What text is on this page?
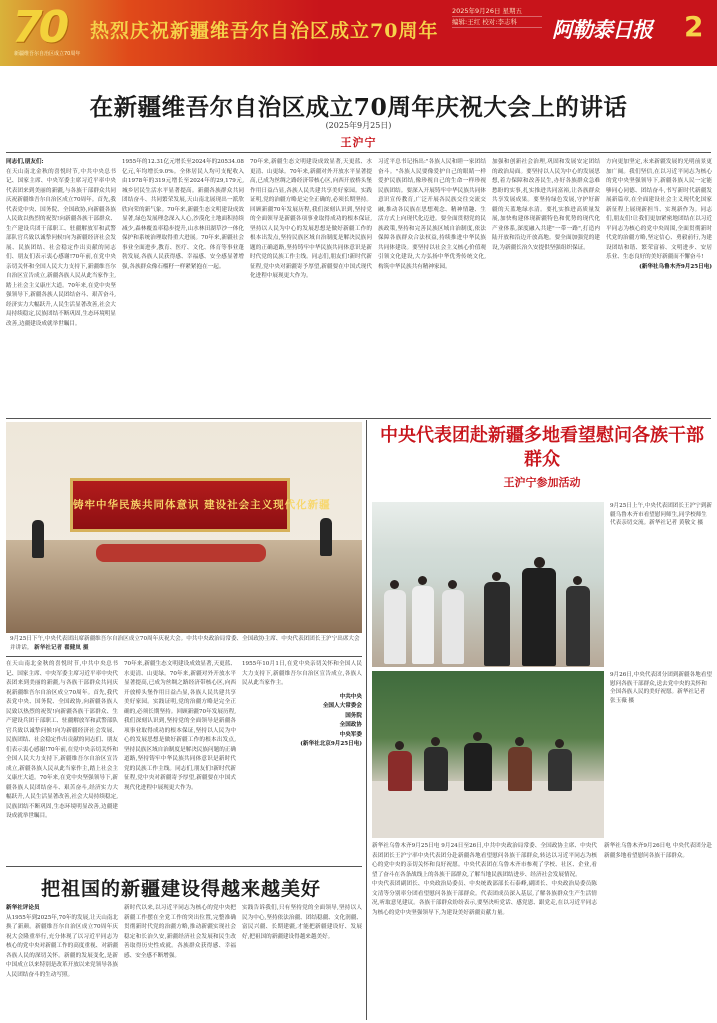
70
新疆维吾尔自治区成立70周年
热烈庆祝新疆维吾尔自治区成立70周年
2025年9月26日 星期五
编辑:王红 校对:李志科	阿勒泰日报 2
在新疆维吾尔自治区成立70周年庆祝大会上的讲话
(2025年9月25日)
王沪宁
同志们,朋友们:
在天山南北金秋的喜悦时节,中共中央总书记、国家主席、中央军委主席习近平率中央代表团来到美丽的新疆,与各族干部群众共同庆祝新疆维吾尔自治区成立70周年。首先,我代表党中央、国务院、全国政协,向新疆各族人民致以热烈的祝贺!向新疆各族干部群众、生产建设兵团干部职工、驻疆解放军和武警部队官兵致以诚挚问候!向为新疆经济社会发展、民族团结、社会稳定作出贡献的同志们、朋友们表示衷心感谢!70年前,在党中央亲切关怀和全国人民大力支持下,新疆维吾尔自治区宣告成立,新疆各族人民从此当家作主,踏上社会主义康庄大道。70年来,在党中央坚强领导下,新疆各族人民团结奋斗、艰苦奋斗,经济实力大幅跃升,人民生活显著改善,社会大局持续稳定,民族团结不断巩固,生态环境明显改善,边疆建设成就举世瞩目。
1955年的12.31亿元增长至2024年的20534.08亿元,年均增长9.0%。全体居民人均可支配收入由1978年的319元增长至2024年的29,179元,城乡居民生活水平显著提高。新疆各族群众共同团结奋斗、共同繁荣发展,天山南北展现出一派欣欣向荣的新气象。70年来,新疆生态文明建设成效显著,绿色发展理念深入人心,沙漠化土地面积持续减少,森林覆盖率稳步提升,山水林田湖草沙一体化保护和系统治理取得重大进展。70年来,新疆社会事业全面进步,教育、医疗、文化、体育等事业蓬勃发展,各族人民获得感、幸福感、安全感显著增强,各族群众像石榴籽一样紧紧抱在一起。
70年来,新疆生态文明建设成效显著,天更蓝、水更清、山更绿。70年来,新疆对外开放水平显著提高,已成为丝绸之路经济带核心区,向西开放桥头堡作用日益凸显,各族人民共建共享美好家园。实践证明,党的治疆方略是完全正确的,必须长期坚持。回顾新疆70年发展历程,我们深刻认识到,坚持党的全面领导是新疆各项事业取得成功的根本保证,坚持以人民为中心的发展思想是做好新疆工作的根本出发点,坚持民族区域自治制度是解决民族问题的正确道路,坚持铸牢中华民族共同体意识是新时代党的民族工作主线。同志们,朋友们!新时代新征程,党中央对新疆寄予厚望,新疆要在中国式现代化进程中展现更大作为。
习近平总书记指出:"各族人民和睦一家团结奋斗。"各族人民要像爱护自己的眼睛一样爱护民族团结,像珍视自己的生命一样珍视民族团结。要深入开展铸牢中华民族共同体意识宣传教育,广泛开展各民族交往交流交融,推动各民族在思想观念、精神情趣、生活方式上向现代化迈进。要全面贯彻党的民族政策,坚持和完善民族区域自治制度,依法保障各族群众合法权益,持续推进中华民族共同体建设。要坚持以社会主义核心价值观引领文化建设,大力弘扬中华优秀传统文化,构筑中华民族共有精神家园。
加强和创新社会治理,巩固和发展安定团结的政治局面。要坚持以人民为中心的发展思想,着力保障和改善民生,办好各族群众急难愁盼的实事,扎实推进共同富裕,让各族群众共享发展成果。要坚持绿色发展,守护好新疆的天蓝地绿水清。要扎实推进高质量发展,加快构建体现新疆特色和优势的现代化产业体系,深度融入共建"一带一路",打造内陆开放和沿边开放高地。要全面加强党的建设,为新疆长治久安提供坚强组织保证。
方向更加坚定,未来新疆发展的光明前景更加广阔。我们坚信,在以习近平同志为核心的党中央坚强领导下,新疆各族人民一定能够同心同德、团结奋斗,书写新时代新疆发展新篇章,在全面建设社会主义现代化国家新征程上展现新担当、实现新作为。同志们,朋友们!让我们更加紧密地团结在以习近平同志为核心的党中央周围,全面贯彻新时代党的治疆方略,坚定信心、勇毅前行,为建设团结和谐、繁荣富裕、文明进步、安居乐业、生态良好的美好新疆而不懈奋斗!
(新华社乌鲁木齐9月25日电)
铸牢中华民族共同体意识 建设社会主义现代化新疆
9月25日下午,中央代表团出席新疆维吾尔自治区成立70周年庆祝大会。中共中央政治局常委、全国政协主席、中央代表团团长王沪宁出席大会并讲话。 新华社记者 翟健岚 摄
中央代表团赴新疆多地看望慰问各族干部群众
王沪宁参加活动
9月25日上午,中央代表团团长王沪宁到新疆乌鲁木齐市看望慰问师生,同学校师生代表亲切交流。新华社记者 黄敬文 摄
9月26日,中央代表团分团到新疆各地看望慰问各族干部群众,送去党中央的关怀和全国各族人民的美好祝愿。新华社记者 张玉薇 摄
新华社乌鲁木齐9月25日电 9月24日至26日,中共中央政治局常委、全国政协主席、中央代表团团长王沪宁率中央代表团分赴新疆各地看望慰问各族干部群众,转达以习近平同志为核心的党中央的亲切关怀和良好祝愿。中央代表团在乌鲁木齐市参观了学校、社区、企业,看望了奋斗在各条战线上的各族干部群众,了解当地民族团结进步、经济社会发展情况。
中央代表团副团长、中央政治局委员、中央统战部部长石泰峰,副团长、中央政治局委员陈文清等分别率分团看望慰问各族干部群众。代表团成员深入基层,了解各族群众生产生活情况,听取意见建议。各族干部群众纷纷表示,要坚决听党话、感党恩、跟党走,在以习近平同志为核心的党中央坚强领导下,为建设美好新疆贡献力量。
新华社乌鲁木齐9月26日电 中央代表团分赴新疆多地看望慰问各族干部群众。
在天山南北金秋的喜悦时节,中共中央总书记、国家主席、中央军委主席习近平率中央代表团来到美丽的新疆,与各族干部群众共同庆祝新疆维吾尔自治区成立70周年。首先,我代表党中央、国务院、全国政协,向新疆各族人民致以热烈的祝贺!向新疆各族干部群众、生产建设兵团干部职工、驻疆解放军和武警部队官兵致以诚挚问候!向为新疆经济社会发展、民族团结、社会稳定作出贡献的同志们、朋友们表示衷心感谢!70年前,在党中央亲切关怀和全国人民大力支持下,新疆维吾尔自治区宣告成立,新疆各族人民从此当家作主,踏上社会主义康庄大道。70年来,在党中央坚强领导下,新疆各族人民团结奋斗、艰苦奋斗,经济实力大幅跃升,人民生活显著改善,社会大局持续稳定,民族团结不断巩固,生态环境明显改善,边疆建设成就举世瞩目。
70年来,新疆生态文明建设成效显著,天更蓝、水更清、山更绿。70年来,新疆对外开放水平显著提高,已成为丝绸之路经济带核心区,向西开放桥头堡作用日益凸显,各族人民共建共享美好家园。实践证明,党的治疆方略是完全正确的,必须长期坚持。回顾新疆70年发展历程,我们深刻认识到,坚持党的全面领导是新疆各项事业取得成功的根本保证,坚持以人民为中心的发展思想是做好新疆工作的根本出发点,坚持民族区域自治制度是解决民族问题的正确道路,坚持铸牢中华民族共同体意识是新时代党的民族工作主线。同志们,朋友们!新时代新征程,党中央对新疆寄予厚望,新疆要在中国式现代化进程中展现更大作为。
1955年10月1日,在党中央亲切关怀和全国人民大力支持下,新疆维吾尔自治区宣告成立,各族人民从此当家作主。
中共中央
全国人大常委会
国务院
全国政协
中央军委
(新华社北京9月25日电)
把祖国的新疆建设得越来越美好
新华社评论员
从1955年到2025年,70年的发展,让天山南北换了新颜。新疆维吾尔自治区成立70周年庆祝大会隆重举行,充分体现了以习近平同志为核心的党中央对新疆工作的高度重视、对新疆各族人民的深切关怀。新疆的发展变化,是新中国成立以来特别是改革开放以来党领导各族人民团结奋斗的生动写照。
新时代以来,以习近平同志为核心的党中央把新疆工作摆在全党工作的突出位置,完整准确贯彻新时代党的治疆方略,推动新疆实现社会稳定和长治久安,新疆经济社会发展和民生改善取得历史性成就。各族群众获得感、幸福感、安全感不断增强。
实践告诉我们,只有坚持党的全面领导,坚持以人民为中心,坚持依法治疆、团结稳疆、文化润疆、富民兴疆、长期建疆,才能把新疆建设好、发展好,把祖国的新疆建设得越来越美好。
